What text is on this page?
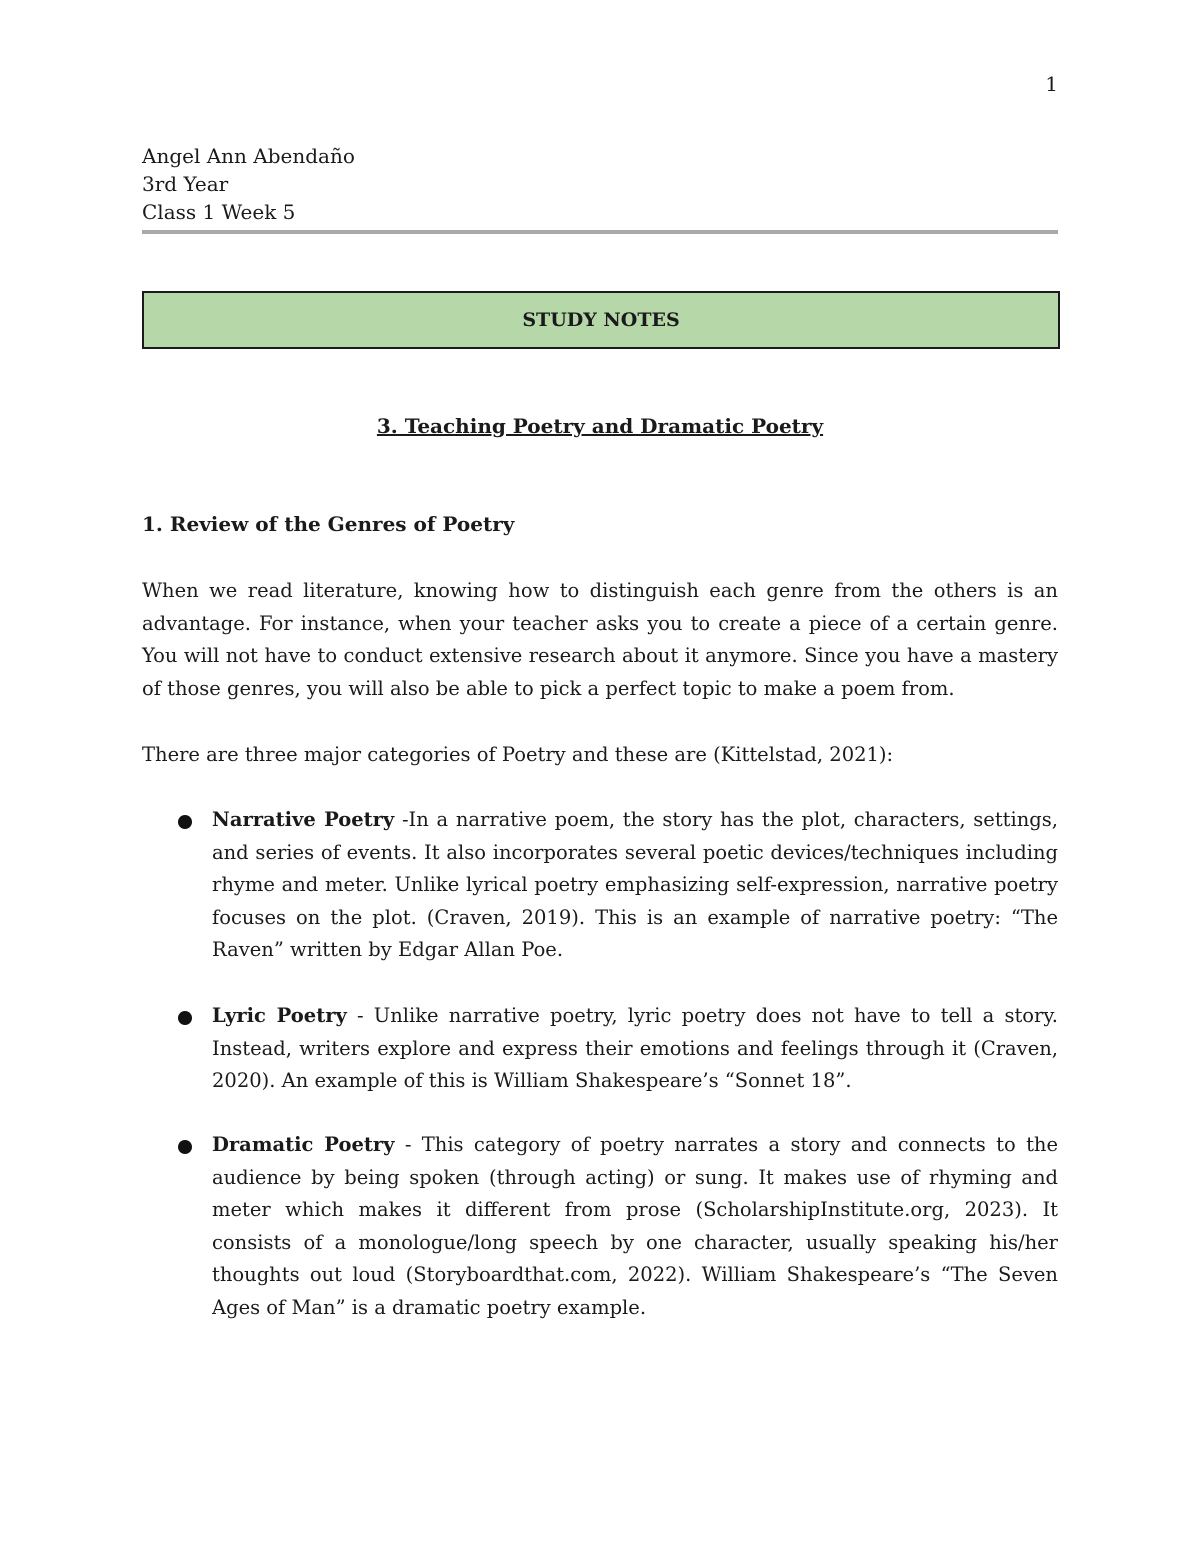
1
Angel Ann Abendaño
3rd Year
Class 1 Week 5
STUDY NOTES
3. Teaching Poetry and Dramatic Poetry
1. Review of the Genres of Poetry

When we read literature, knowing how to distinguish each genre from the others is an advantage. For instance, when your teacher asks you to create a piece of a certain genre. You will not have to conduct extensive research about it anymore. Since you have a mastery of those genres, you will also be able to pick a perfect topic to make a poem from.

There are three major categories of Poetry and these are (Kittelstad, 2021):

Narrative Poetry -In a narrative poem, the story has the plot, characters, settings, and series of events. It also incorporates several poetic devices/techniques including rhyme and meter. Unlike lyrical poetry emphasizing self-expression, narrative poetry focuses on the plot. (Craven, 2019). This is an example of narrative poetry: “The Raven” written by Edgar Allan Poe.

Lyric Poetry - Unlike narrative poetry, lyric poetry does not have to tell a story. Instead, writers explore and express their emotions and feelings through it (Craven, 2020). An example of this is William Shakespeare’s “Sonnet 18”.

Dramatic Poetry - This category of poetry narrates a story and connects to the audience by being spoken (through acting) or sung. It makes use of rhyming and meter which makes it different from prose (ScholarshipInstitute.org, 2023). It consists of a monologue/long speech by one character, usually speaking his/her thoughts out loud (Storyboardthat.com, 2022). William Shakespeare’s “The Seven Ages of Man” is a dramatic poetry example.
